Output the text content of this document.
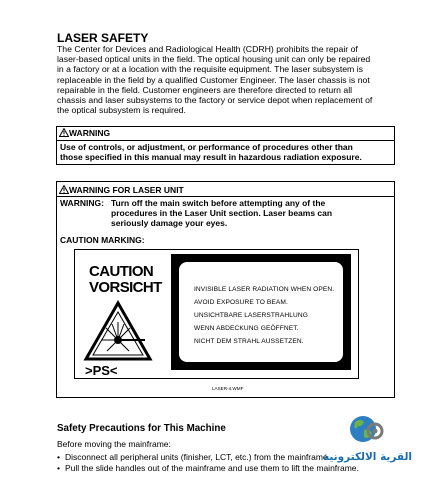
LASER SAFETY
The Center for Devices and Radiological Health (CDRH) prohibits the repair of
laser-based optical units in the field. The optical housing unit can only be repaired
in a factory or at a location with the requisite equipment. The laser subsystem is
replaceable in the field by a qualified Customer Engineer. The laser chassis is not
repairable in the field. Customer engineers are therefore directed to return all
chassis and laser subsystems to the factory or service depot when replacement of
the optical subsystem is required.
WARNING
Use of controls, or adjustment, or performance of procedures other than
those specified in this manual may result in hazardous radiation exposure.
WARNING FOR LASER UNIT
WARNING: Turn off the main switch before attempting any of the
procedures in the Laser Unit section. Laser beams can
seriously damage your eyes.
CAUTION MARKING:
CAUTION
VORSICHT
>PS<
INVISIBLE LASER RADIATION WHEN OPEN.
AVOID EXPOSURE TO BEAM.
UNSICHTBARE LASERSTRAHLUNG
WENN ABDECKUNG GEÖFFNET.
NICHT DEM STRAHL AUSSETZEN.
LASER-4.WMF
Safety Precautions for This Machine
Before moving the mainframe:
• Disconnect all peripheral units (finisher, LCT, etc.) from the mainframe.
• Pull the slide handles out of the mainframe and use them to lift the mainframe.
القرية الالكترونية
